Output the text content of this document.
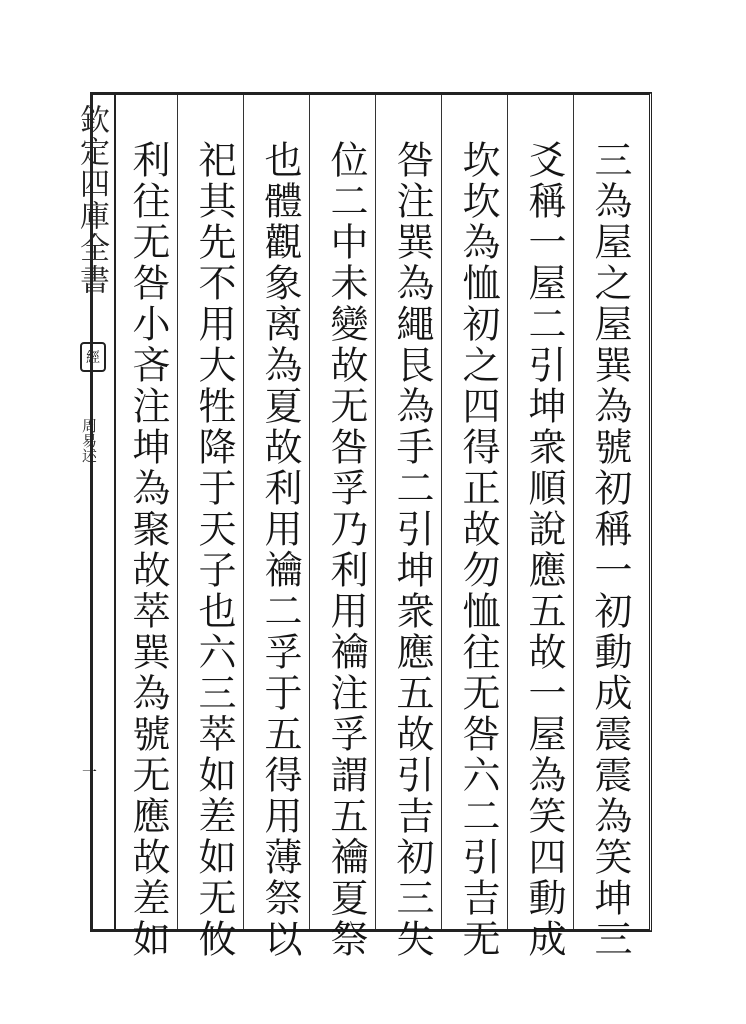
欽定四庫全書
經
周易述
一	三為屋之屋巽為號初稱一初動成震震為笑坤三
爻稱一屋二引坤衆順說應五故一屋為笑四動成
坎坎為恤初之四得正故勿恤往无咎六二引吉无
咎注巽為繩艮為手二引坤衆應五故引吉初三失
位二中未變故无咎孚乃利用禴注孚謂五禴夏祭
也體觀象离為夏故利用禴二孚于五得用薄祭以
祀其先不用大牲降于天子也六三萃如差如无攸
利往无咎小吝注坤為聚故萃巽為號无應故差如
